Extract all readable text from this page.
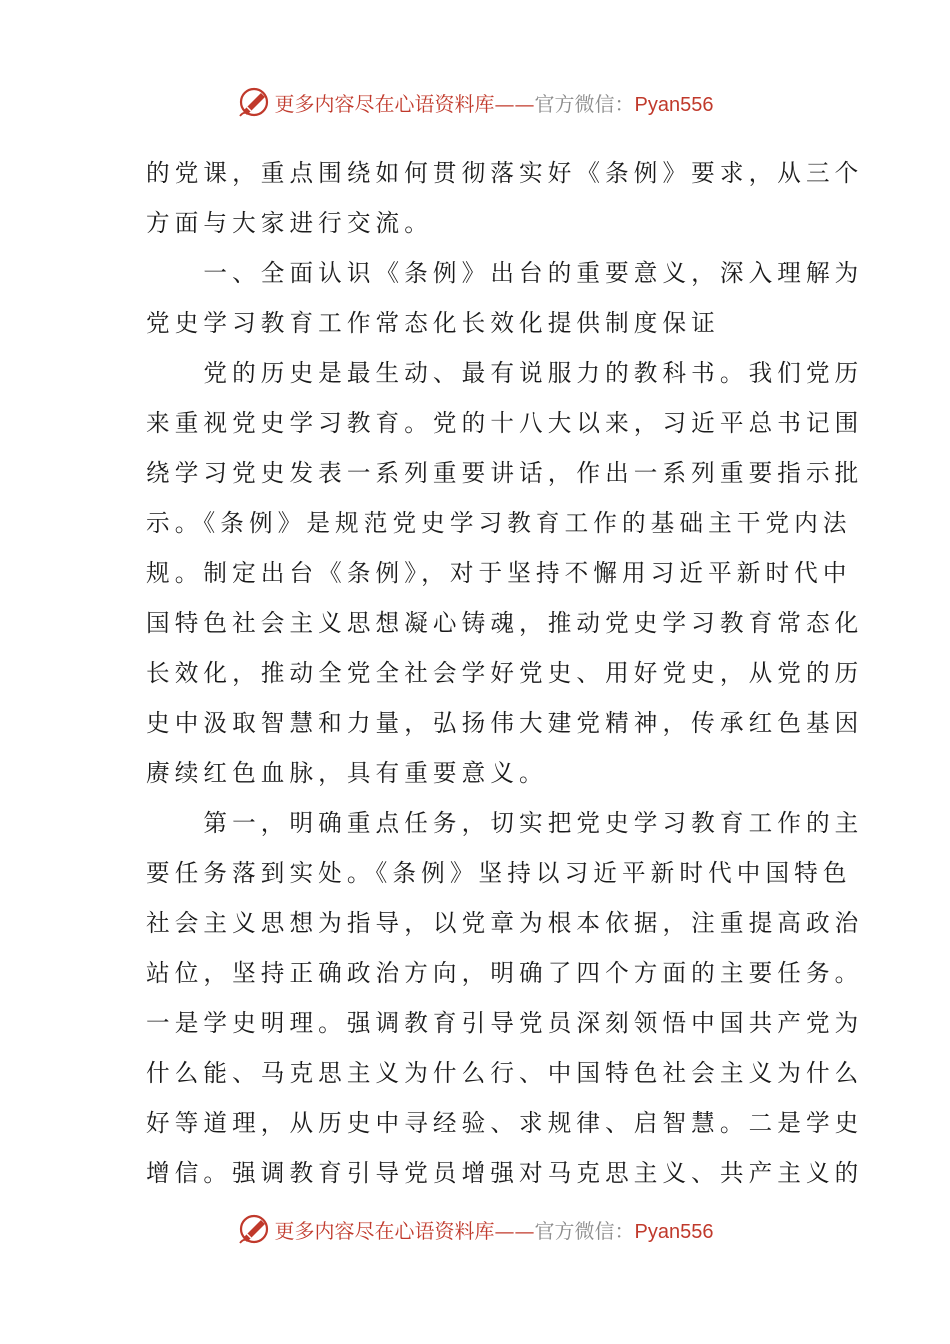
更多内容尽在心语资料库——官方微信：Pyan556
的党课，重点围绕如何贯彻落实好《条例》要求，从三个
方面与大家进行交流。
　　一、全面认识《条例》出台的重要意义，深入理解为
党史学习教育工作常态化长效化提供制度保证
　　党的历史是最生动、最有说服力的教科书。我们党历
来重视党史学习教育。党的十八大以来，习近平总书记围
绕学习党史发表一系列重要讲话，作出一系列重要指示批
示。《条例》是规范党史学习教育工作的基础主干党内法
规。制定出台《条例》，对于坚持不懈用习近平新时代中
国特色社会主义思想凝心铸魂，推动党史学习教育常态化
长效化，推动全党全社会学好党史、用好党史，从党的历
史中汲取智慧和力量，弘扬伟大建党精神，传承红色基因
赓续红色血脉，具有重要意义。
　　第一，明确重点任务，切实把党史学习教育工作的主
要任务落到实处。《条例》坚持以习近平新时代中国特色
社会主义思想为指导，以党章为根本依据，注重提高政治
站位，坚持正确政治方向，明确了四个方面的主要任务。
一是学史明理。强调教育引导党员深刻领悟中国共产党为
什么能、马克思主义为什么行、中国特色社会主义为什么
好等道理，从历史中寻经验、求规律、启智慧。二是学史
增信。强调教育引导党员增强对马克思主义、共产主义的
更多内容尽在心语资料库——官方微信：Pyan556
